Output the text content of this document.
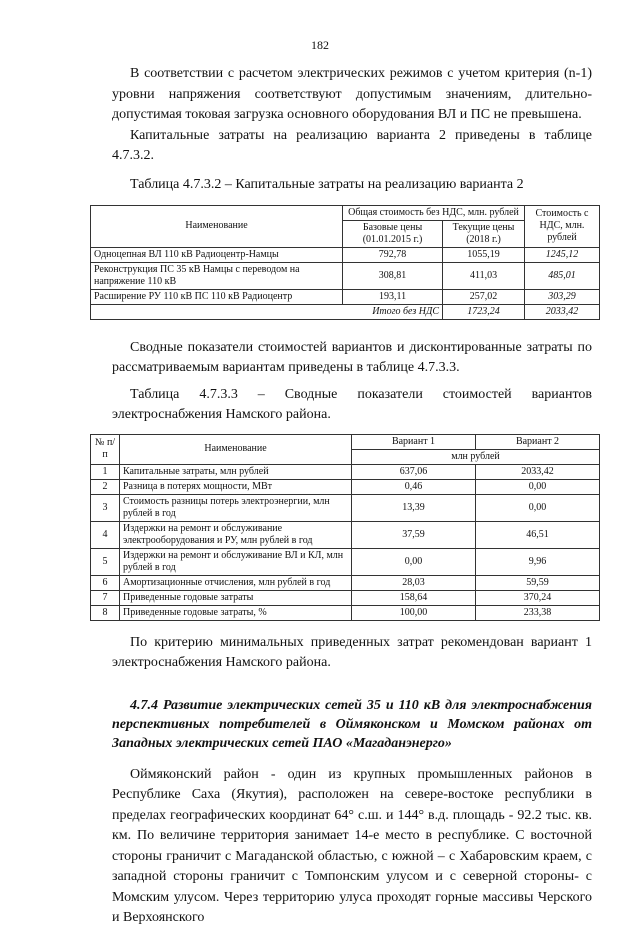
182

В соответствии с расчетом электрических режимов с учетом критерия (n-1) уровни напряжения соответствуют допустимым значениям, длительно-допустимая токовая загрузка основного оборудования ВЛ и ПС не превышена.

Капитальные затраты на реализацию варианта 2 приведены в таблице 4.7.3.2.

Таблица 4.7.3.2 – Капитальные затраты на реализацию варианта 2
Наименование	Общая стоимость без НДС, млн. рублей		Стоимость с НДС, млн. рублей
	Базовые цены (01.01.2015 г.)	Текущие цены (2018 г.)	
Одноцепная ВЛ 110 кВ Радиоцентр-Намцы	792,78	1055,19	1245,12
Реконструкция ПС 35 кВ Намцы с переводом на напряжение 110 кВ	308,81	411,03	485,01
Расширение РУ 110 кВ ПС 110 кВ Радиоцентр	193,11	257,02	303,29
Итого без НДС		1723,24	2033,42

Сводные показатели стоимостей вариантов и дисконтированные затраты по рассматриваемым вариантам приведены в таблице 4.7.3.3.

Таблица 4.7.3.3 – Сводные показатели стоимостей вариантов электроснабжения Намского района.

№ п/п	Наименование	Вариант 1	Вариант 2
		млн рублей	
1	Капитальные затраты, млн рублей	637,06	2033,42
2	Разница в потерях мощности, МВт	0,46	0,00
3	Стоимость разницы потерь электроэнергии, млн рублей в год	13,39	0,00
4	Издержки на ремонт и обслуживание электрооборудования и РУ, млн рублей в год	37,59	46,51
5	Издержки на ремонт и обслуживание ВЛ и КЛ, млн рублей в год	0,00	9,96
6	Амортизационные отчисления, млн рублей в год	28,03	59,59
7	Приведенные годовые затраты	158,64	370,24
8	Приведенные годовые затраты, %	100,00	233,38

По критерию минимальных приведенных затрат рекомендован вариант 1 электроснабжения Намского района.

4.7.4 Развитие электрических сетей 35 и 110 кВ для электроснабжения перспективных потребителей в Оймяконском и Момском районах от Западных электрических сетей ПАО «Магаданэнерго»

Оймяконский район - один из крупных промышленных районов в Республике Саха (Якутия), расположен на севере-востоке республики в пределах географических координат 64° с.ш. и 144° в.д. площадь - 92.2 тыс. кв. км. По величине территория занимает 14-е место в республике. С восточной стороны граничит с Магаданской областью, с южной – с Хабаровским краем, с западной стороны граничит с Томпонским улусом и с северной стороны- с Момским улусом. Через территорию улуса проходят горные массивы Черского и Верхоянского
